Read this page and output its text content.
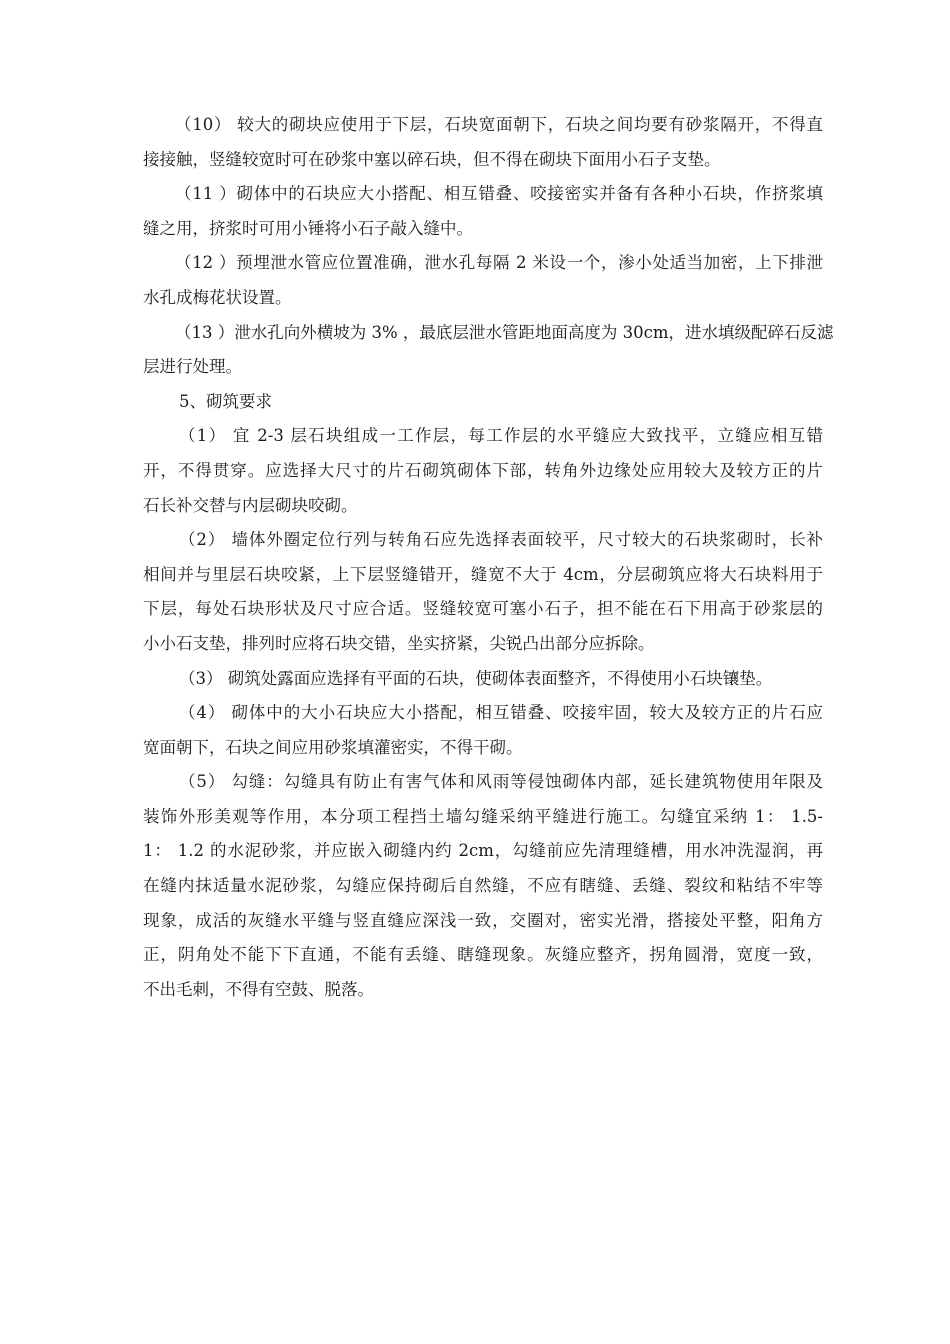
（10） 较大的砌块应使用于下层，石块宽面朝下，石块之间均要有砂浆隔开，不得直
接接触，竖缝较宽时可在砂浆中塞以碎石块，但不得在砌块下面用小石子支垫。
（11 ）砌体中的石块应大小搭配、相互错叠、咬接密实并备有各种小石块，作挤浆填
缝之用，挤浆时可用小锤将小石子敲入缝中。
（12 ）预埋泄水管应位置准确，泄水孔每隔 2 米设一个，渗小处适当加密，上下排泄
水孔成梅花状设置。
（13 ）泄水孔向外横坡为 3% ，最底层泄水管距地面高度为 30cm，进水填级配碎石反滤
层进行处理。
5、砌筑要求
（1） 宜 2-3 层石块组成一工作层，每工作层的水平缝应大致找平，立缝应相互错
开，不得贯穿。应选择大尺寸的片石砌筑砌体下部，转角外边缘处应用较大及较方正的片
石长补交替与内层砌块咬砌。
（2） 墙体外圈定位行列与转角石应先选择表面较平，尺寸较大的石块浆砌时，长补
相间并与里层石块咬紧，上下层竖缝错开，缝宽不大于 4cm，分层砌筑应将大石块料用于
下层，每处石块形状及尺寸应合适。竖缝较宽可塞小石子，担不能在石下用高于砂浆层的
小小石支垫，排列时应将石块交错，坐实挤紧，尖锐凸出部分应拆除。
（3） 砌筑处露面应选择有平面的石块，使砌体表面整齐，不得使用小石块镶垫。
（4） 砌体中的大小石块应大小搭配，相互错叠、咬接牢固，较大及较方正的片石应
宽面朝下，石块之间应用砂浆填灌密实，不得干砌。
（5） 勾缝：勾缝具有防止有害气体和风雨等侵蚀砌体内部，延长建筑物使用年限及
装饰外形美观等作用，本分项工程挡土墙勾缝采纳平缝进行施工。勾缝宜采纳 1： 1.5-
1： 1.2 的水泥砂浆，并应嵌入砌缝内约 2cm，勾缝前应先清理缝槽，用水冲洗湿润，再
在缝内抹适量水泥砂浆，勾缝应保持砌后自然缝，不应有瞎缝、丢缝、裂纹和粘结不牢等
现象，成活的灰缝水平缝与竖直缝应深浅一致，交圈对，密实光滑，搭接处平整，阳角方
正，阴角处不能下下直通，不能有丢缝、瞎缝现象。灰缝应整齐，拐角圆滑，宽度一致，
不出毛刺，不得有空鼓、脱落。
